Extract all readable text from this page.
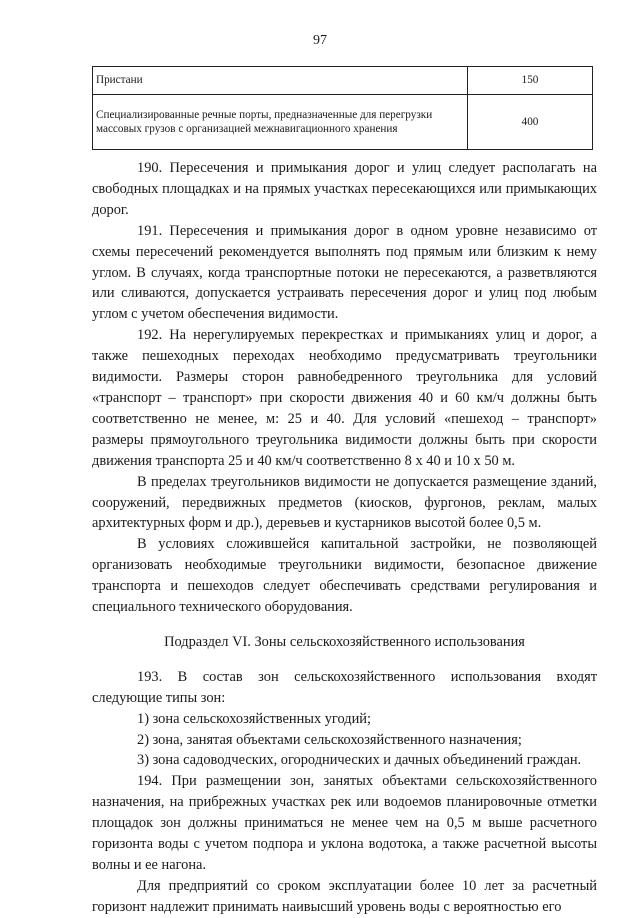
97
Пристани	150
Специализированные речные порты, предназначенные для перегрузки массовых грузов с организацией межнавигационного хранения	400

190. Пересечения и примыкания дорог и улиц следует располагать на свободных площадках и на прямых участках пересекающихся или примыкающих дорог.

191. Пересечения и примыкания дорог в одном уровне независимо от схемы пересечений рекомендуется выполнять под прямым или близким к нему углом. В случаях, когда транспортные потоки не пересекаются, а разветвляются или сливаются, допускается устраивать пересечения дорог и улиц под любым углом с учетом обеспечения видимости.

192. На нерегулируемых перекрестках и примыканиях улиц и дорог, а также пешеходных переходах необходимо предусматривать треугольники видимости. Размеры сторон равнобедренного треугольника для условий «транспорт – транспорт» при скорости движения 40 и 60 км/ч должны быть соответственно не менее, м: 25 и 40. Для условий «пешеход – транспорт» размеры прямоугольного треугольника видимости должны быть при скорости движения транспорта 25 и 40 км/ч соответственно 8 х 40 и 10 х 50 м.

В пределах треугольников видимости не допускается размещение зданий, сооружений, передвижных предметов (киосков, фургонов, реклам, малых архитектурных форм и др.), деревьев и кустарников высотой более 0,5 м.

В условиях сложившейся капитальной застройки, не позволяющей организовать необходимые треугольники видимости, безопасное движение транспорта и пешеходов следует обеспечивать средствами регулирования и специального технического оборудования.

Подраздел VI. Зоны сельскохозяйственного использования

193. В состав зон сельскохозяйственного использования входят следующие типы зон:

1) зона сельскохозяйственных угодий;

2) зона, занятая объектами сельскохозяйственного назначения;

3) зона садоводческих, огороднических и дачных объединений граждан.

194. При размещении зон, занятых объектами сельскохозяйственного назначения, на прибрежных участках рек или водоемов планировочные отметки площадок зон должны приниматься не менее чем на 0,5 м выше расчетного горизонта воды с учетом подпора и уклона водотока, а также расчетной высоты волны и ее нагона.

Для предприятий со сроком эксплуатации более 10 лет за расчетный горизонт надлежит принимать наивысший уровень воды с вероятностью его
